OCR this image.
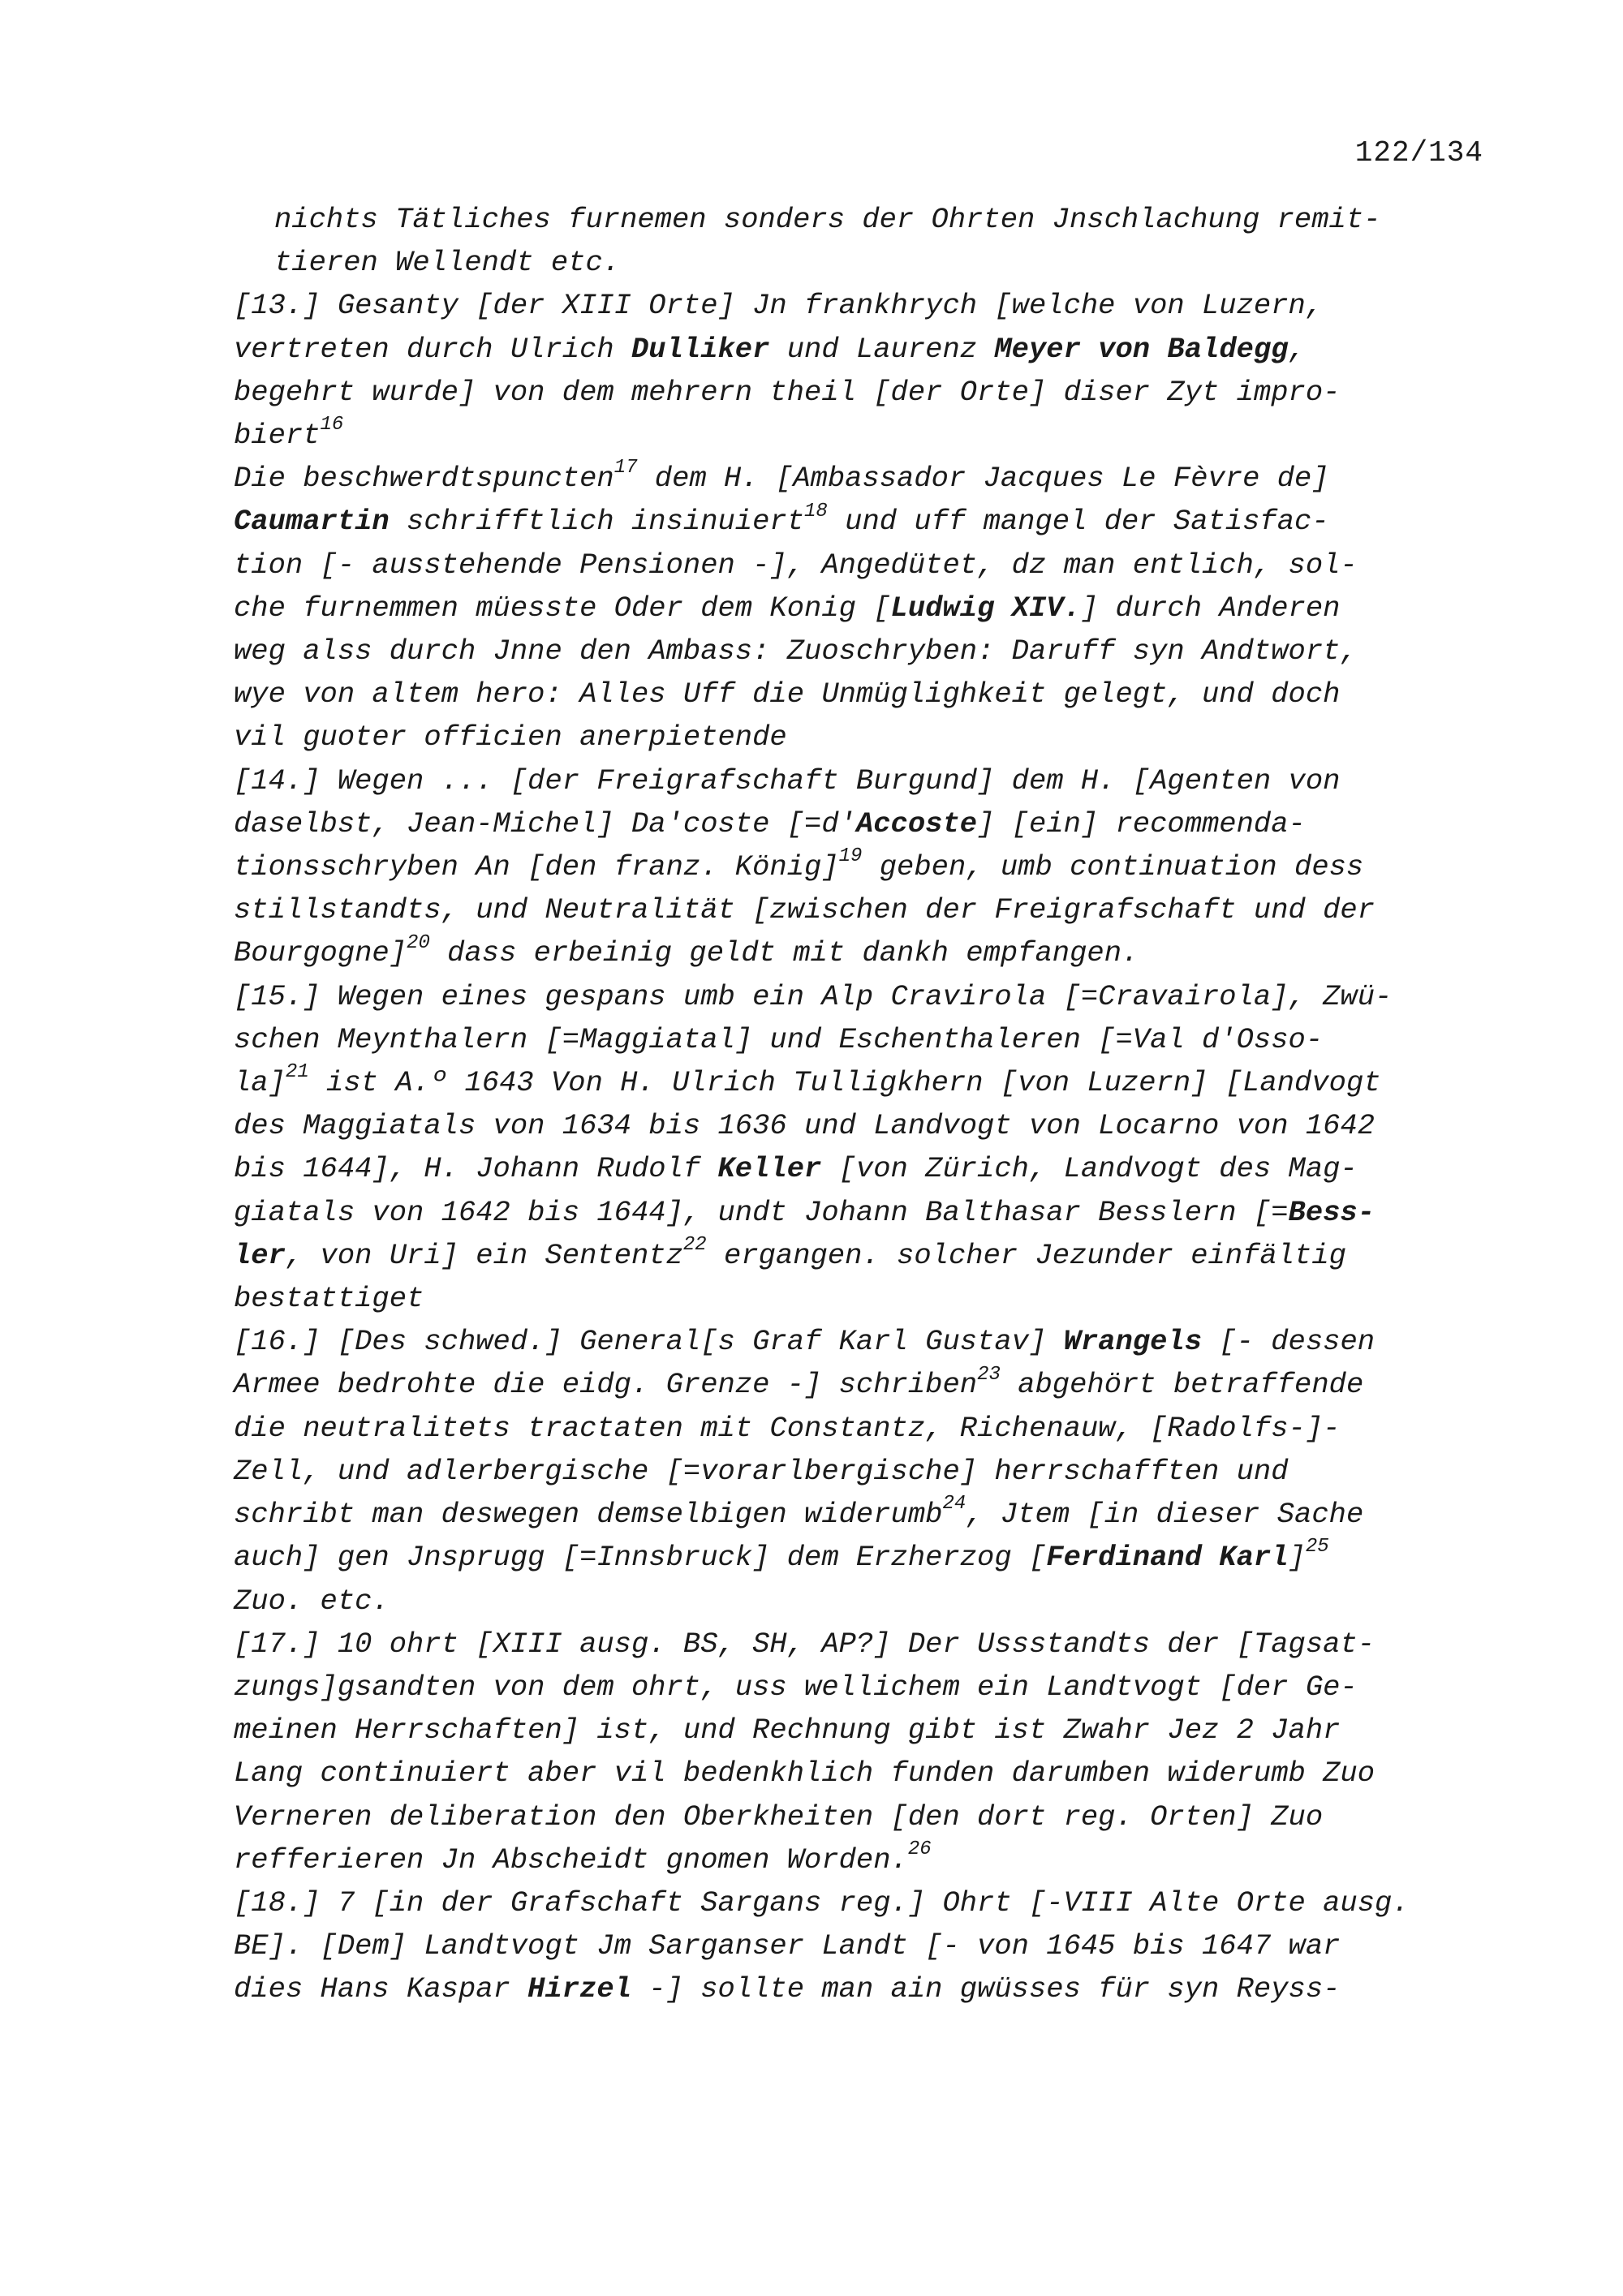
122/134
nichts Tätliches furnemen sonders der Ohrten Jnschlachung remit-
tieren Wellendt etc.
[13.] Gesanty [der XIII Orte] Jn frankhrych [welche von Luzern,
vertreten durch Ulrich Dulliker und Laurenz Meyer von Baldegg,
begehrt wurde] von dem mehrern theil [der Orte] diser Zyt impro-
biert$^{16}$
Die beschwerdtspuncten$^{17}$ dem H. [Ambassador Jacques Le Fèvre de]
Caumartin schrifftlich insinuiert$^{18}$ und uff mangel der Satisfac-
tion [- ausstehende Pensionen -], Angedütet, dz man entlich, sol-
che furnemmen müesste Oder dem Konig [Ludwig XIV.] durch Anderen
weg alss durch Jnne den Ambass: Zuoschryben: Daruff syn Andtwort,
wye von altem hero: Alles Uff die Unmüglighkeit gelegt, und doch
vil guoter officien anerpietende
[14.] Wegen ... [der Freigrafschaft Burgund] dem H. [Agenten von
daselbst, Jean-Michel] Da'coste [=d'Accoste] [ein] recommenda-
tionsschryben An [den franz. König]$^{19}$ geben, umb continuation dess
stillstandts, und Neutralität [zwischen der Freigrafschaft und der
Bourgogne]$^{20}$ dass erbeinig geldt mit dankh empfangen.
[15.] Wegen eines gespans umb ein Alp Cravirola [=Cravairola], Zwü-
schen Meynthalern [=Maggiatal] und Eschenthaleren [=Val d'Osso-
la]$^{21}$ ist A.º 1643 Von H. Ulrich Tulligkhern [von Luzern] [Landvogt
des Maggiatals von 1634 bis 1636 und Landvogt von Locarno von 1642
bis 1644], H. Johann Rudolf Keller [von Zürich, Landvogt des Mag-
giatals von 1642 bis 1644], undt Johann Balthasar Besslern [=Bess-
ler, von Uri] ein Sententz$^{22}$ ergangen. solcher Jezunder einfältig
bestattiget
[16.] [Des schwed.] General[s Graf Karl Gustav] Wrangels [- dessen
Armee bedrohte die eidg. Grenze -] schriben$^{23}$ abgehört betraffende
die neutralitets tractaten mit Constantz, Richenauw, [Radolfs-]-
Zell, und adlerbergische [=vorarlbergische] herrschafften und
schribt man deswegen demselbigen widerumb$^{24}$, Jtem [in dieser Sache
auch] gen Jnsprugg [=Innsbruck] dem Erzherzog [Ferdinand Karl]$^{25}$
Zuo. etc.
[17.] 10 ohrt [XIII ausg. BS, SH, AP?] Der Ussstandts der [Tagsat-
zungs]gsandten von dem ohrt, uss wellichem ein Landtvogt [der Ge-
meinen Herrschaften] ist, und Rechnung gibt ist Zwahr Jez 2 Jahr
Lang continuiert aber vil bedenkhlich funden darumben widerumb Zuo
Verneren deliberation den Oberkheiten [den dort reg. Orten] Zuo
refferieren Jn Abscheidt gnomen Worden.$^{26}$
[18.] 7 [in der Grafschaft Sargans reg.] Ohrt [-VIII Alte Orte ausg.
BE]. [Dem] Landtvogt Jm Sarganser Landt [- von 1645 bis 1647 war
dies Hans Kaspar Hirzel -] sollte man ain gwüsses für syn Reyss-
